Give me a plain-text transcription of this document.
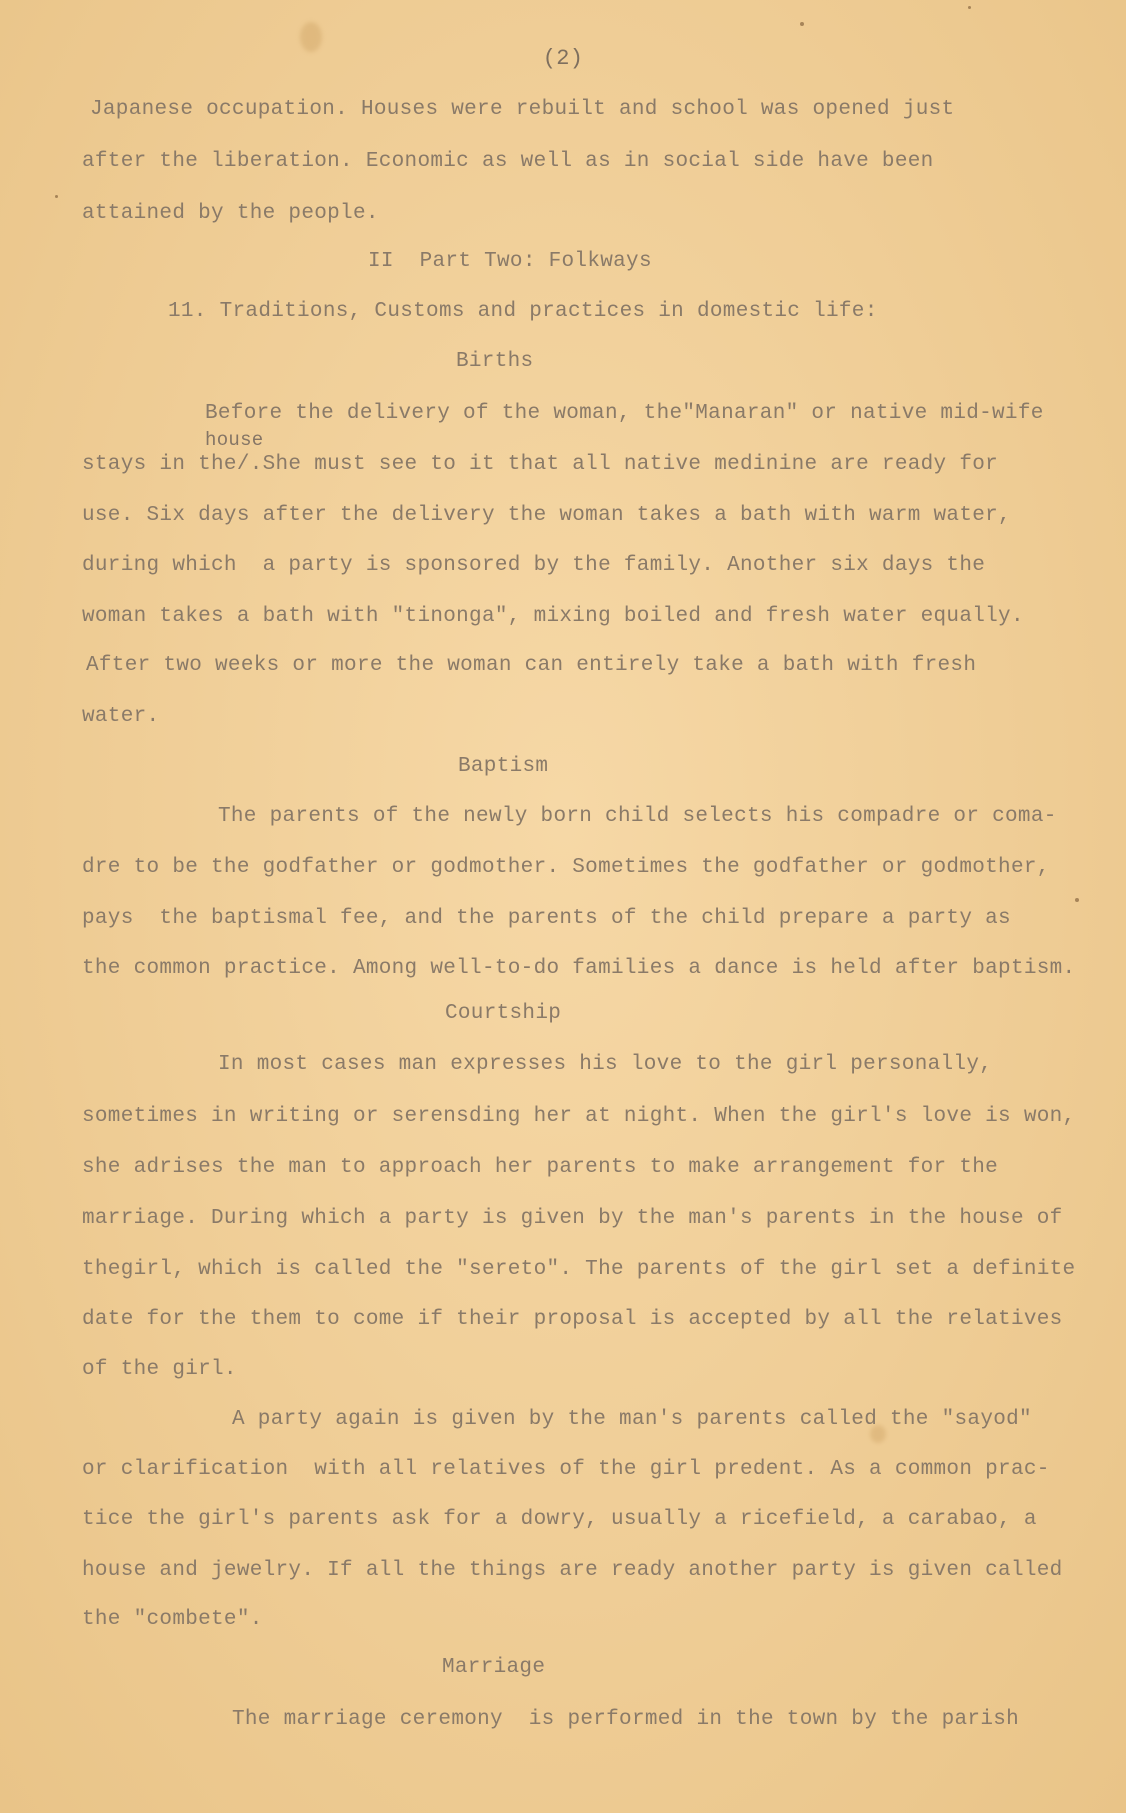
(2)
Japanese occupation. Houses were rebuilt and school was opened just
after the liberation. Economic as well as in social side have been
attained by the people.
II  Part Two: Folkways
11. Traditions, Customs and practices in domestic life:
Births
Before the delivery of the woman, the"Manaran" or native mid-wife
house
stays in the/.She must see to it that all native medinine are ready for
use. Six days after the delivery the woman takes a bath with warm water,
during which  a party is sponsored by the family. Another six days the
woman takes a bath with "tinonga", mixing boiled and fresh water equally.
After two weeks or more the woman can entirely take a bath with fresh
water.
Baptism
The parents of the newly born child selects his compadre or coma-
dre to be the godfather or godmother. Sometimes the godfather or godmother,
pays  the baptismal fee, and the parents of the child prepare a party as
the common practice. Among well-to-do families a dance is held after baptism.
Courtship
In most cases man expresses his love to the girl personally,
sometimes in writing or serensding her at night. When the girl's love is won,
she adrises the man to approach her parents to make arrangement for the
marriage. During which a party is given by the man's parents in the house of
thegirl, which is called the "sereto". The parents of the girl set a definite
date for the them to come if their proposal is accepted by all the relatives
of the girl.
A party again is given by the man's parents called the "sayod"
or clarification  with all relatives of the girl predent. As a common prac-
tice the girl's parents ask for a dowry, usually a ricefield, a carabao, a
house and jewelry. If all the things are ready another party is given called
the "combete".
Marriage
The marriage ceremony  is performed in the town by the parish
